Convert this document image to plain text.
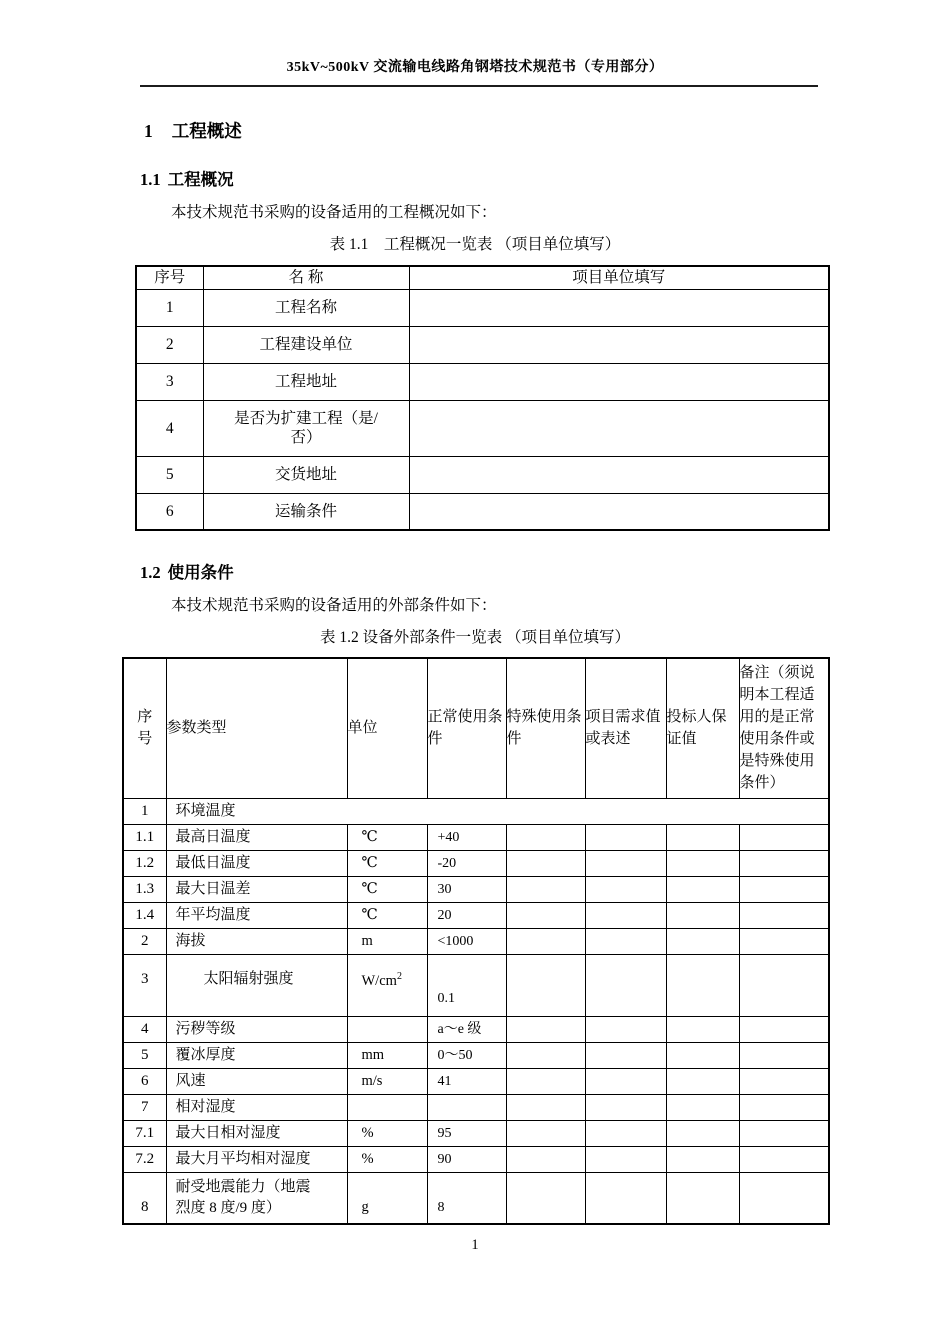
35kV~500kV 交流输电线路角钢塔技术规范书（专用部分）
1 工程概述
1.1 工程概况

本技术规范书采购的设备适用的工程概况如下：

表 1.1　工程概况一览表 （项目单位填写）
序号	名 称	项目单位填写
1	工程名称	
2	工程建设单位	
3	工程地址	
4	是否为扩建工程（是/否）	
5	交货地址	
6	运输条件	
1.2 使用条件

本技术规范书采购的设备适用的外部条件如下：

表 1.2 设备外部条件一览表 （项目单位填写）
序号	参数类型	单位	正常使用条件	特殊使用条件	项目需求值或表述	投标人保证值	备注（须说明本工程适用的是正常使用条件或是特殊使用条件）
1	环境温度						
1.1	最高日温度	℃	+40				
1.2	最低日温度	℃	-20				
1.3	最大日温差	℃	30				
1.4	年平均温度	℃	20				
2	海拔	m	<1000				
3	太阳辐射强度	$W/cm^2$	0.1				
4	污秽等级		a～e 级				
5	覆冰厚度	mm	0～50				
6	风速	m/s	41				
7	相对湿度						
7.1	最大日相对湿度	%	95				
7.2	最大月平均相对湿度	%	90				
8	耐受地震能力（地震烈度 8 度/9 度）	g	8				
1
